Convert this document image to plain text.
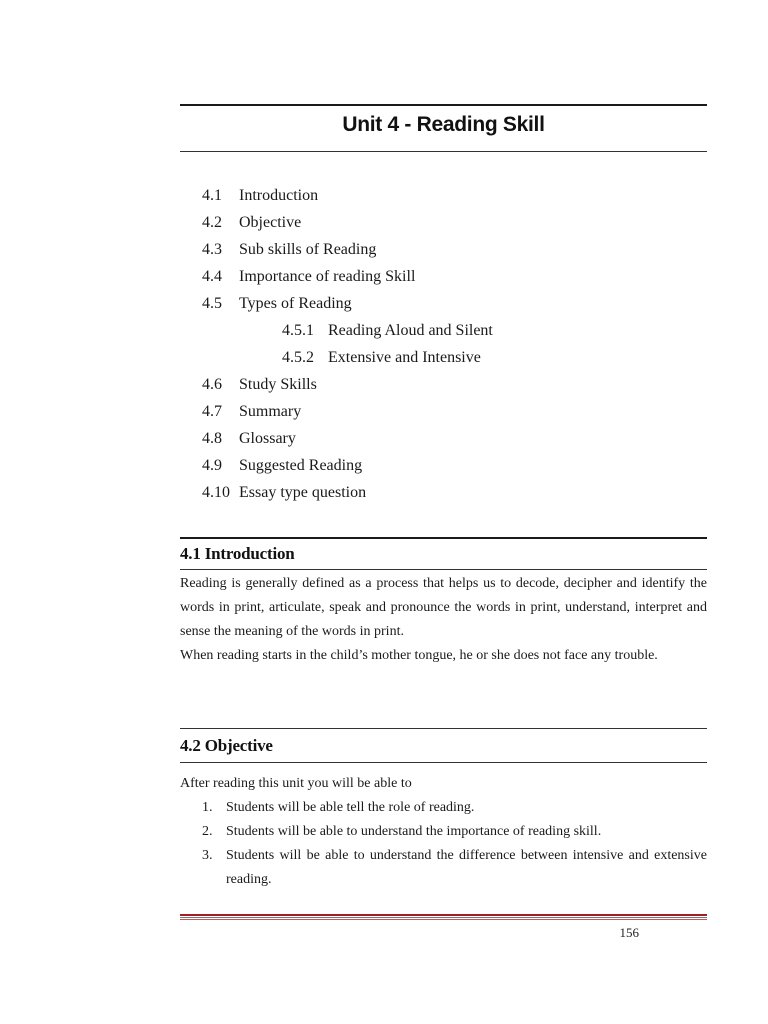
Unit 4 - Reading Skill
4.1 Introduction
4.2 Objective
4.3 Sub skills of Reading
4.4 Importance of reading Skill
4.5 Types of Reading
4.5.1 Reading Aloud and Silent
4.5.2 Extensive and Intensive
4.6 Study Skills
4.7 Summary
4.8 Glossary
4.9 Suggested Reading
4.10 Essay type question
4.1 Introduction

Reading is generally defined as a process that helps us to decode, decipher and identify the words in print, articulate, speak and pronounce the words in print, understand, interpret and sense the meaning of the words in print.

When reading starts in the child’s mother tongue, he or she does not face any trouble.

4.2 Objective
After reading this unit you will be able to
1. Students will be able tell the role of reading.
2. Students will be able to understand the importance of reading skill.
3. Students will be able to understand the difference between intensive and extensive reading.
156
